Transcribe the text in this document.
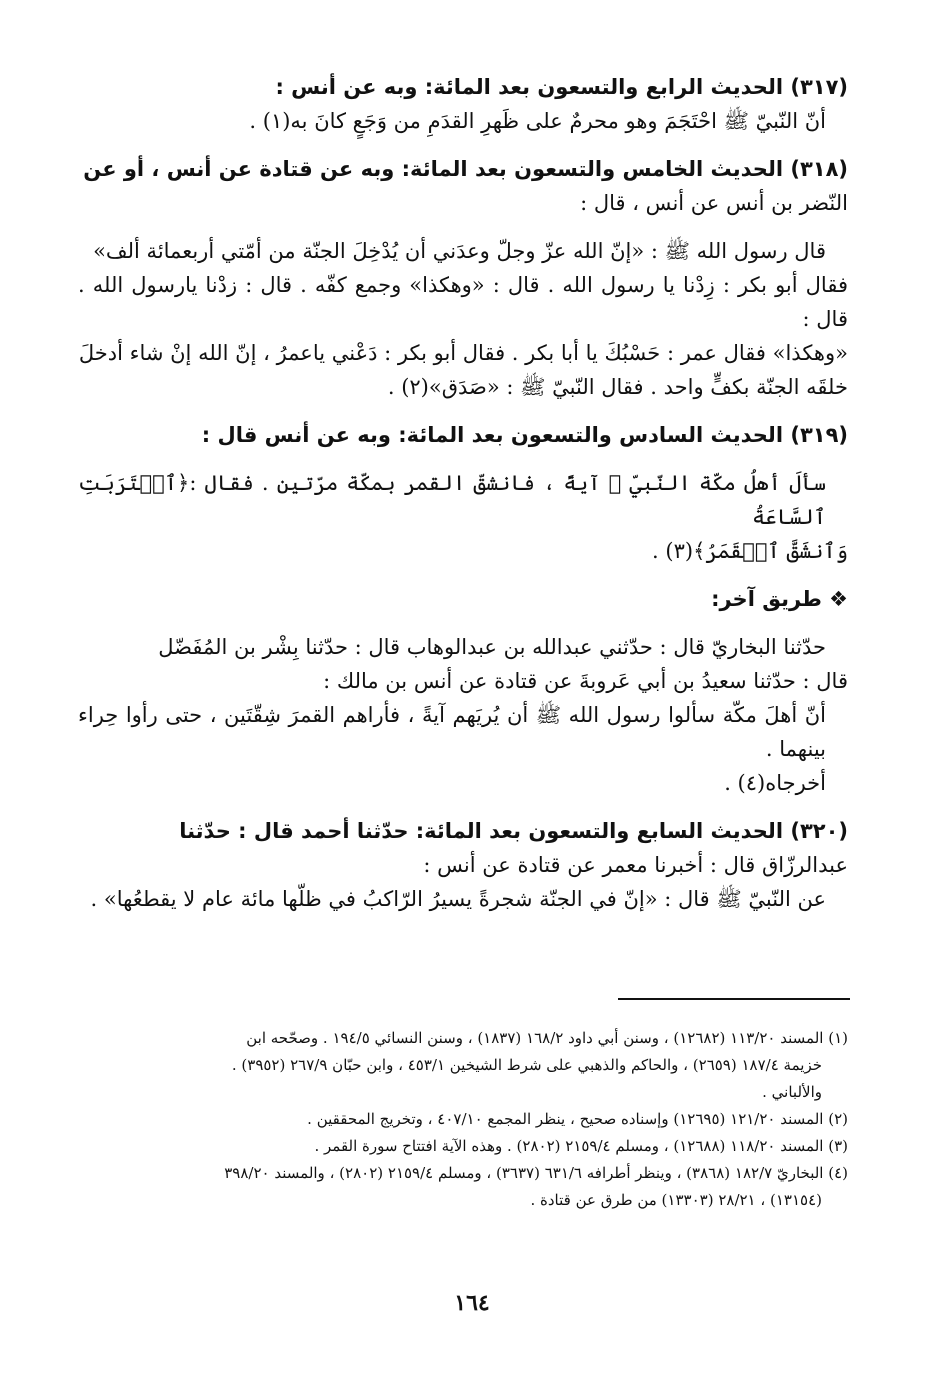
(٣١٧) الحديث الرابع والتسعون بعد المائة: وبه عن أنس :

أنّ النّبيّ ﷺ احْتَجَمَ وهو محرمٌ على ظَهرِ القدَمِ من وَجَعٍ كانَ به(١) .

(٣١٨) الحديث الخامس والتسعون بعد المائة: وبه عن قتادة عن أنس ، أو عن

النّضر بن أنس عن أنس ، قال :

قال رسول الله ﷺ : «إنّ الله عزّ وجلّ وعدَني أن يُدْخِلَ الجنّة من أمّتي أربعمائة ألف»

فقال أبو بكر : زِدْنا يا رسول الله . قال : «وهكذا» وجمع كفّه . قال : زدْنا يارسول الله . قال :

«وهكذا» فقال عمر : حَسْبُكَ يا أبا بكر . فقال أبو بكر : دَعْني ياعمرُ ، إنّ الله إنْ شاء أدخلَ

خلقَه الجنّة بكفٍّ واحد . فقال النّبيّ ﷺ : «صَدَق»(٢) .

(٣١٩) الحديث السادس والتسعون بعد المائة: وبه عن أنس قال :

سألَ أهلُ مكّة النّبيّ ﷺ آيةً ، فانشقّ القمر بمكّة مرّتين . فقال :﴿ٱقۡتَرَبَتِ ٱلسَّاعَةُ

وَٱنشَقَّ ٱلۡقَمَرُ﴾(٣) .

❖ طريق آخر:

حدّثنا البخاريّ قال : حدّثني عبدالله بن عبدالوهاب قال : حدّثنا بِشْر بن المُفَضّل

قال : حدّثنا سعيدُ بن أبي عَروبةَ عن قتادة عن أنس بن مالك :

أنّ أهلَ مكّة سألوا رسول الله ﷺ أن يُريَهم آيةً ، فأراهم القمرَ شِقّتَين ، حتى رأوا حِراء بينهما .

أخرجاه(٤) .

(٣٢٠) الحديث السابع والتسعون بعد المائة: حدّثنا أحمد قال : حدّثنا

عبدالرزّاق قال : أخبرنا معمر عن قتادة عن أنس :

عن النّبيّ ﷺ قال : «إنّ في الجنّة شجرةً يسيرُ الرّاكبُ في ظلّها مائة عام لا يقطعُها» .

(١) المسند ١١٣/٢٠ (١٢٦٨٢) ، وسنن أبي داود ١٦٨/٢ (١٨٣٧) ، وسنن النسائي ١٩٤/٥ . وصحّحه ابن

خزيمة ١٨٧/٤ (٢٦٥٩) ، والحاكم والذهبي على شرط الشيخين ٤٥٣/١ ، وابن حبّان ٢٦٧/٩ (٣٩٥٢) .

والألباني .

(٢) المسند ١٢١/٢٠ (١٢٦٩٥) وإسناده صحيح ، ينظر المجمع ٤٠٧/١٠ ، وتخريج المحققين .

(٣) المسند ١١٨/٢٠ (١٢٦٨٨) ، ومسلم ٢١٥٩/٤ (٢٨٠٢) . وهذه الآية افتتاح سورة القمر .

(٤) البخاريّ ١٨٢/٧ (٣٨٦٨) ، وينظر أطرافه ٦٣١/٦ (٣٦٣٧) ، ومسلم ٢١٥٩/٤ (٢٨٠٢) ، والمسند ٣٩٨/٢٠

(١٣١٥٤) ، ٢٨/٢١ (١٣٣٠٣) من طرق عن قتادة .

١٦٤
